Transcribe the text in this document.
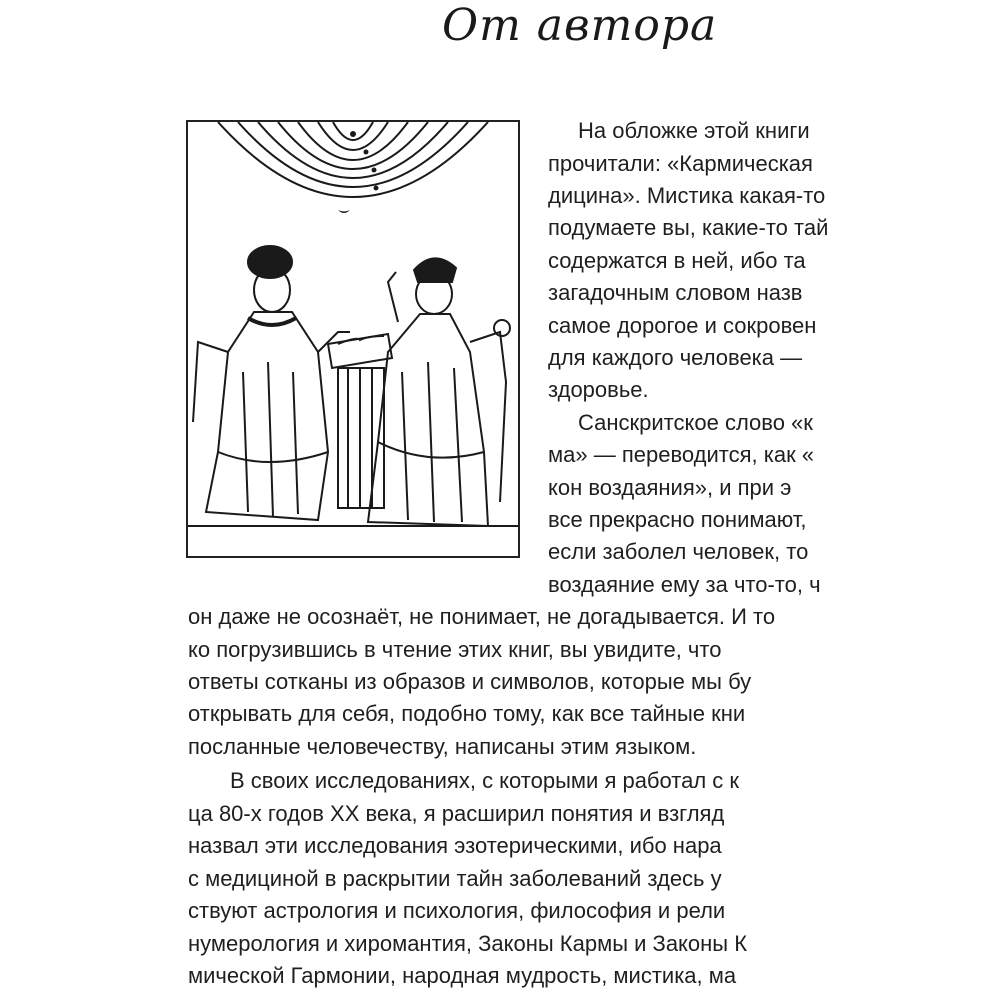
От автора
На обложке этой книги
прочитали: «Кармическая
дицина». Мистика какая-то
подумаете вы, какие-то тай
содержатся в ней, ибо та
загадочным словом назв
самое дорогое и сокровен
для каждого человека —
здоровье.
Санскритское слово «к
ма» — переводится, как «
кон воздаяния», и при э
все прекрасно понимают,
если заболел человек, то
воздаяние ему за что-то, ч
он даже не осознаёт, не понимает, не догадывается. И то
ко погрузившись в чтение этих книг, вы увидите, что
ответы сотканы из образов и символов, которые мы бу
открывать для себя, подобно тому, как все тайные кни
посланные человечеству, написаны этим языком.
В своих исследованиях, с которыми я работал с к
ца 80-х годов XX века, я расширил понятия и взгляд
назвал эти исследования эзотерическими, ибо нара
с медициной в раскрытии тайн заболеваний здесь у
ствуют астрология и психология, философия и рели
нумерология и хиромантия, Законы Кармы и Законы К
мической Гармонии, народная мудрость, мистика, ма
